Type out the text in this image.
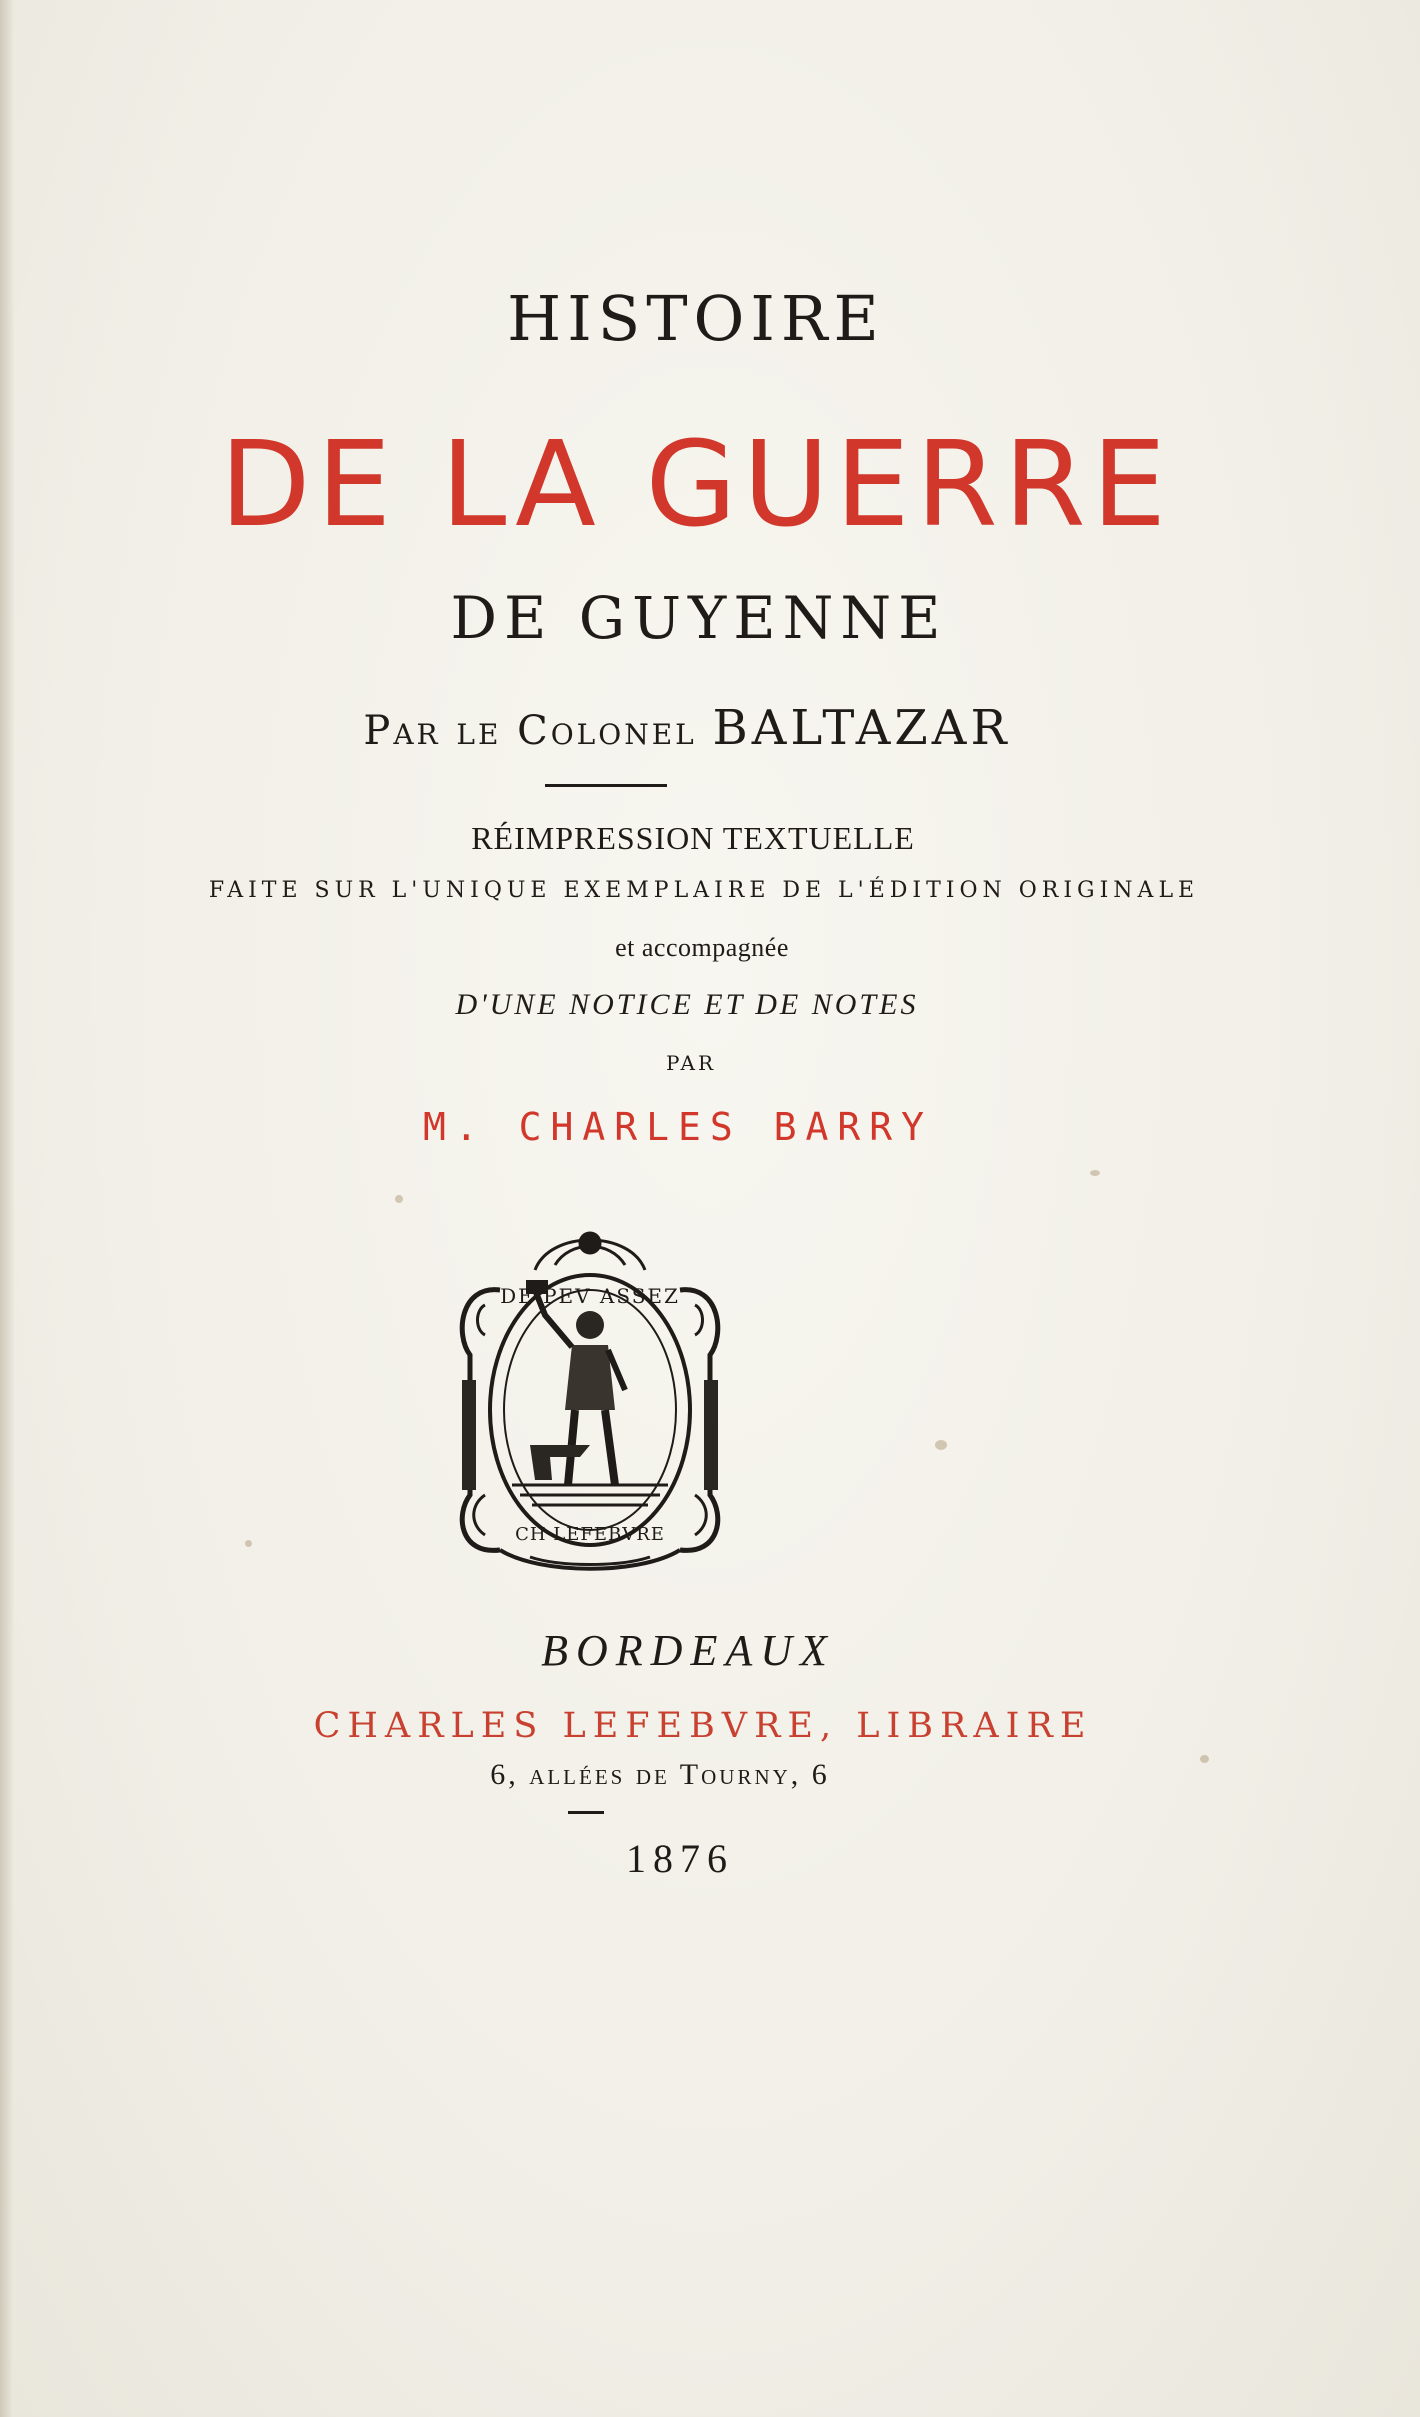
HISTOIRE
DE LA GUERRE
DE GUYENNE
Par le Colonel BALTAZAR
RÉIMPRESSION TEXTUELLE
FAITE SUR L'UNIQUE EXEMPLAIRE DE L'ÉDITION ORIGINALE
et accompagnée
D'UNE NOTICE ET DE NOTES
PAR
M. CHARLES BARRY
DE PEV ASSEZ
CH LEFEBVRE
BORDEAUX
CHARLES LEFEBVRE, LIBRAIRE
6, allées de Tourny, 6
1876
